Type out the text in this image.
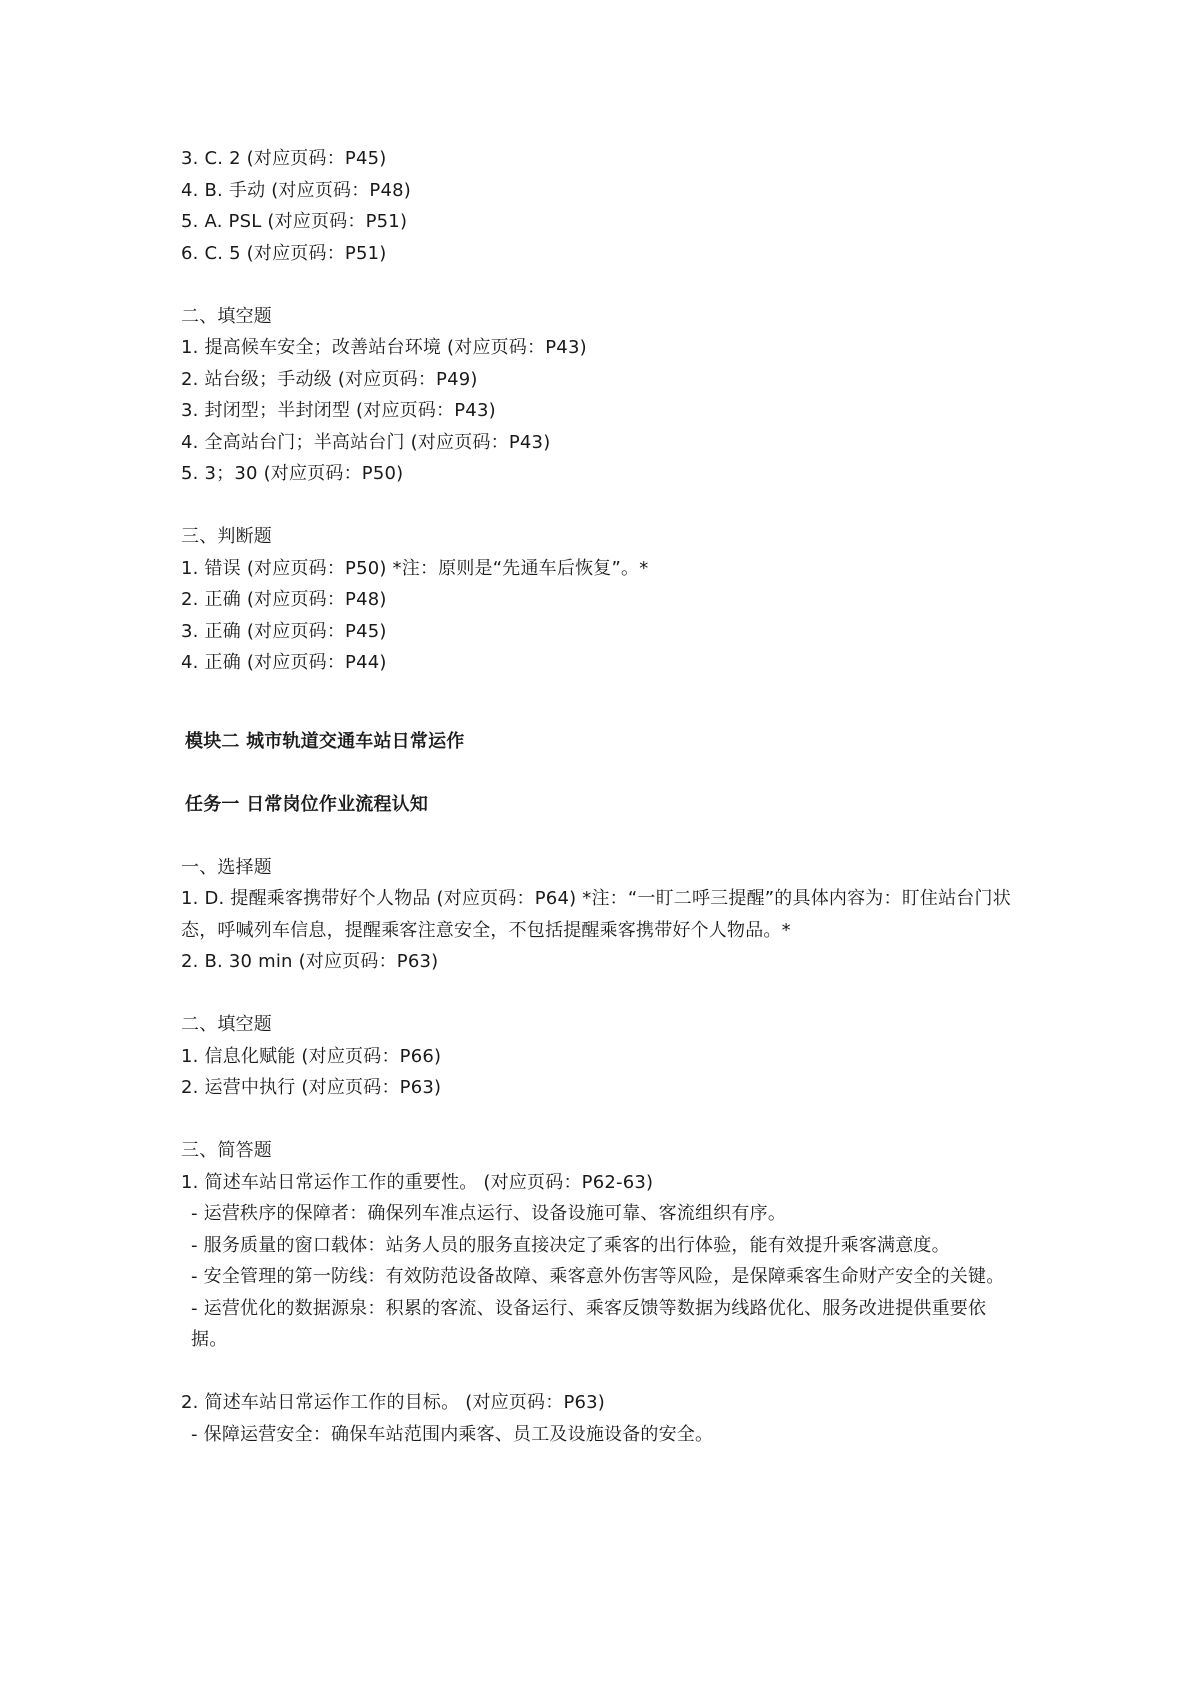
3. C. 2 (对应页码：P45)

4. B. 手动 (对应页码：P48)

5. A. PSL (对应页码：P51)

6. C. 5 (对应页码：P51)

二、填空题

1. 提高候车安全；改善站台环境 (对应页码：P43)

2. 站台级；手动级 (对应页码：P49)

3. 封闭型；半封闭型 (对应页码：P43)

4. 全高站台门；半高站台门 (对应页码：P43)

5. 3；30 (对应页码：P50)

三、判断题

1. 错误 (对应页码：P50) *注：原则是“先通车后恢复”。*

2. 正确 (对应页码：P48)

3. 正确 (对应页码：P45)

4. 正确 (对应页码：P44)

模块二 城市轨道交通车站日常运作

任务一 日常岗位作业流程认知

一、选择题

1. D. 提醒乘客携带好个人物品 (对应页码：P64) *注：“一盯二呼三提醒”的具体内容为：盯住站台门状态，呼喊列车信息，提醒乘客注意安全，不包括提醒乘客携带好个人物品。*

2. B. 30 min (对应页码：P63)

二、填空题

1. 信息化赋能 (对应页码：P66)

2. 运营中执行 (对应页码：P63)

三、简答题

1. 简述车站日常运作工作的重要性。 (对应页码：P62-63)

- 运营秩序的保障者：确保列车准点运行、设备设施可靠、客流组织有序。

- 服务质量的窗口载体：站务人员的服务直接决定了乘客的出行体验，能有效提升乘客满意度。

- 安全管理的第一防线：有效防范设备故障、乘客意外伤害等风险，是保障乘客生命财产安全的关键。

- 运营优化的数据源泉：积累的客流、设备运行、乘客反馈等数据为线路优化、服务改进提供重要依据。

2. 简述车站日常运作工作的目标。 (对应页码：P63)

- 保障运营安全：确保车站范围内乘客、员工及设施设备的安全。
